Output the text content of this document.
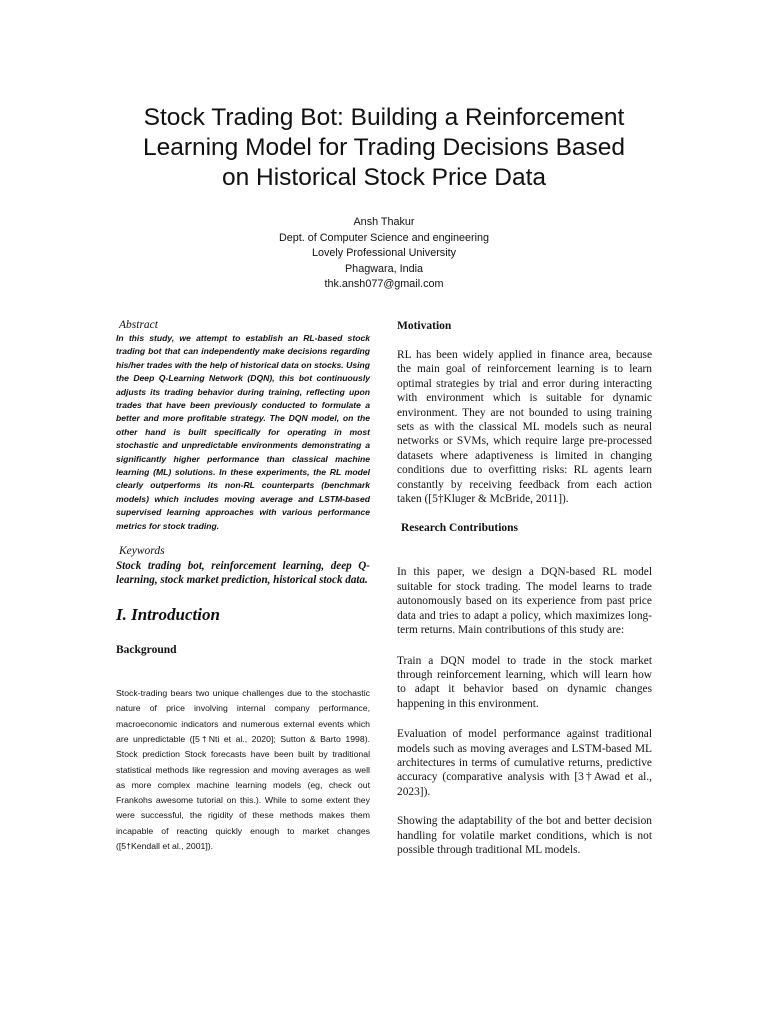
Stock Trading Bot: Building a Reinforcement
Learning Model for Trading Decisions Based
on Historical Stock Price Data
Ansh Thakur
Dept. of Computer Science and engineering
Lovely Professional University
Phagwara, India
thk.ansh077@gmail.com

Abstract

In this study, we attempt to establish an RL-based stock trading bot that can independently make decisions regarding his/her trades with the help of historical data on stocks. Using the Deep Q-Learning Network (DQN), this bot continuously adjusts its trading behavior during training, reflecting upon trades that have been previously conducted to formulate a better and more profitable strategy. The DQN model, on the other hand is built specifically for operating in most stochastic and unpredictable environments demonstrating a significantly higher performance than classical machine learning (ML) solutions. In these experiments, the RL model clearly outperforms its non-RL counterparts (benchmark models) which includes moving average and LSTM-based supervised learning approaches with various performance metrics for stock trading.

Keywords

Stock trading bot, reinforcement learning, deep Q-learning, stock market prediction, historical stock data.

I. Introduction

Background

Stock-trading bears two unique challenges due to the stochastic nature of price involving internal company performance, macroeconomic indicators and numerous external events which are unpredictable ([5†Nti et al., 2020]; Sutton & Barto 1998). Stock prediction Stock forecasts have been built by traditional statistical methods like regression and moving averages as well as more complex machine learning models (eg, check out Frankohs awesome tutorial on this.). While to some extent they were successful, the rigidity of these methods makes them incapable of reacting quickly enough to market changes ([5†Kendall et al., 2001]).

Motivation

RL has been widely applied in finance area, because the main goal of reinforcement learning is to learn optimal strategies by trial and error during interacting with environment which is suitable for dynamic environment. They are not bounded to using training sets as with the classical ML models such as neural networks or SVMs, which require large pre-processed datasets where adaptiveness is limited in changing conditions due to overfitting risks: RL agents learn constantly by receiving feedback from each action taken ([5†Kluger & McBride, 2011]).

Research Contributions

In this paper, we design a DQN-based RL model suitable for stock trading. The model learns to trade autonomously based on its experience from past price data and tries to adapt a policy, which maximizes long-term returns. Main contributions of this study are:

Train a DQN model to trade in the stock market through reinforcement learning, which will learn how to adapt it behavior based on dynamic changes happening in this environment.

Evaluation of model performance against traditional models such as moving averages and LSTM-based ML architectures in terms of cumulative returns, predictive accuracy (comparative analysis with [3†Awad et al., 2023]).

Showing the adaptability of the bot and better decision handling for volatile market conditions, which is not possible through traditional ML models.
